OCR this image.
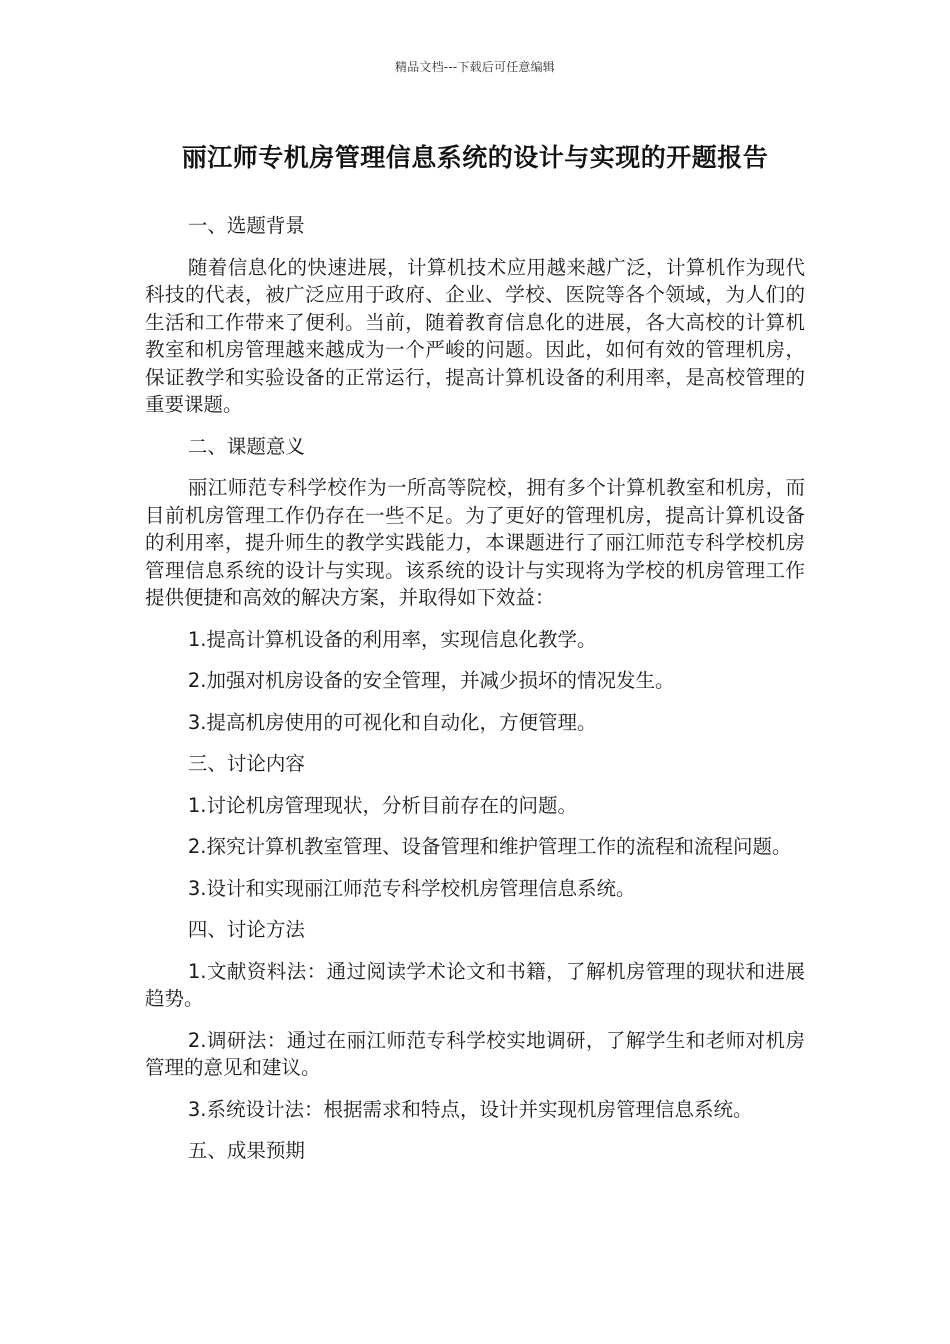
精品文档---下载后可任意编辑
丽江师专机房管理信息系统的设计与实现的开题报告

一、选题背景

随着信息化的快速进展，计算机技术应用越来越广泛，计算机作为现代科技的代表，被广泛应用于政府、企业、学校、医院等各个领域，为人们的生活和工作带来了便利。当前，随着教育信息化的进展，各大高校的计算机教室和机房管理越来越成为一个严峻的问题。因此，如何有效的管理机房，保证教学和实验设备的正常运行，提高计算机设备的利用率，是高校管理的重要课题。

二、课题意义

丽江师范专科学校作为一所高等院校，拥有多个计算机教室和机房，而目前机房管理工作仍存在一些不足。为了更好的管理机房，提高计算机设备的利用率，提升师生的教学实践能力，本课题进行了丽江师范专科学校机房管理信息系统的设计与实现。该系统的设计与实现将为学校的机房管理工作提供便捷和高效的解决方案，并取得如下效益：

1.提高计算机设备的利用率，实现信息化教学。

2.加强对机房设备的安全管理，并减少损坏的情况发生。

3.提高机房使用的可视化和自动化，方便管理。

三、讨论内容

1.讨论机房管理现状，分析目前存在的问题。

2.探究计算机教室管理、设备管理和维护管理工作的流程和流程问题。

3.设计和实现丽江师范专科学校机房管理信息系统。

四、讨论方法

1.文献资料法：通过阅读学术论文和书籍，了解机房管理的现状和进展趋势。

2.调研法：通过在丽江师范专科学校实地调研，了解学生和老师对机房管理的意见和建议。

3.系统设计法：根据需求和特点，设计并实现机房管理信息系统。

五、成果预期
